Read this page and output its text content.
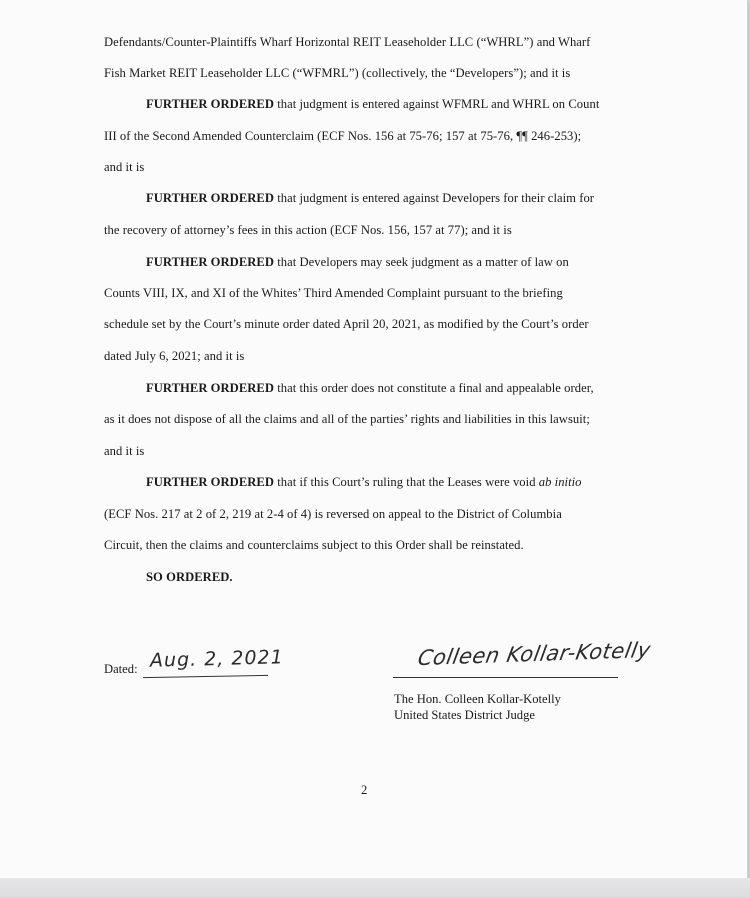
Defendants/Counter-Plaintiffs Wharf Horizontal REIT Leaseholder LLC (“WHRL”) and Wharf
Fish Market REIT Leaseholder LLC (“WFMRL”) (collectively, the “Developers”); and it is
FURTHER ORDERED that judgment is entered against WFMRL and WHRL on Count
III of the Second Amended Counterclaim (ECF Nos. 156 at 75-76; 157 at 75-76, ¶¶ 246-253);
and it is
FURTHER ORDERED that judgment is entered against Developers for their claim for
the recovery of attorney’s fees in this action (ECF Nos. 156, 157 at 77); and it is
FURTHER ORDERED that Developers may seek judgment as a matter of law on
Counts VIII, IX, and XI of the Whites’ Third Amended Complaint pursuant to the briefing
schedule set by the Court’s minute order dated April 20, 2021, as modified by the Court’s order
dated July 6, 2021; and it is
FURTHER ORDERED that this order does not constitute a final and appealable order,
as it does not dispose of all the claims and all of the parties’ rights and liabilities in this lawsuit;
and it is
FURTHER ORDERED that if this Court’s ruling that the Leases were void ab initio
(ECF Nos. 217 at 2 of 2, 219 at 2-4 of 4) is reversed on appeal to the District of Columbia
Circuit, then the claims and counterclaims subject to this Order shall be reinstated.
SO ORDERED.
Dated: Aug. 2, 2021	Colleen Kollar-Kotelly
The Hon. Colleen Kollar-Kotelly
United States District Judge
2
